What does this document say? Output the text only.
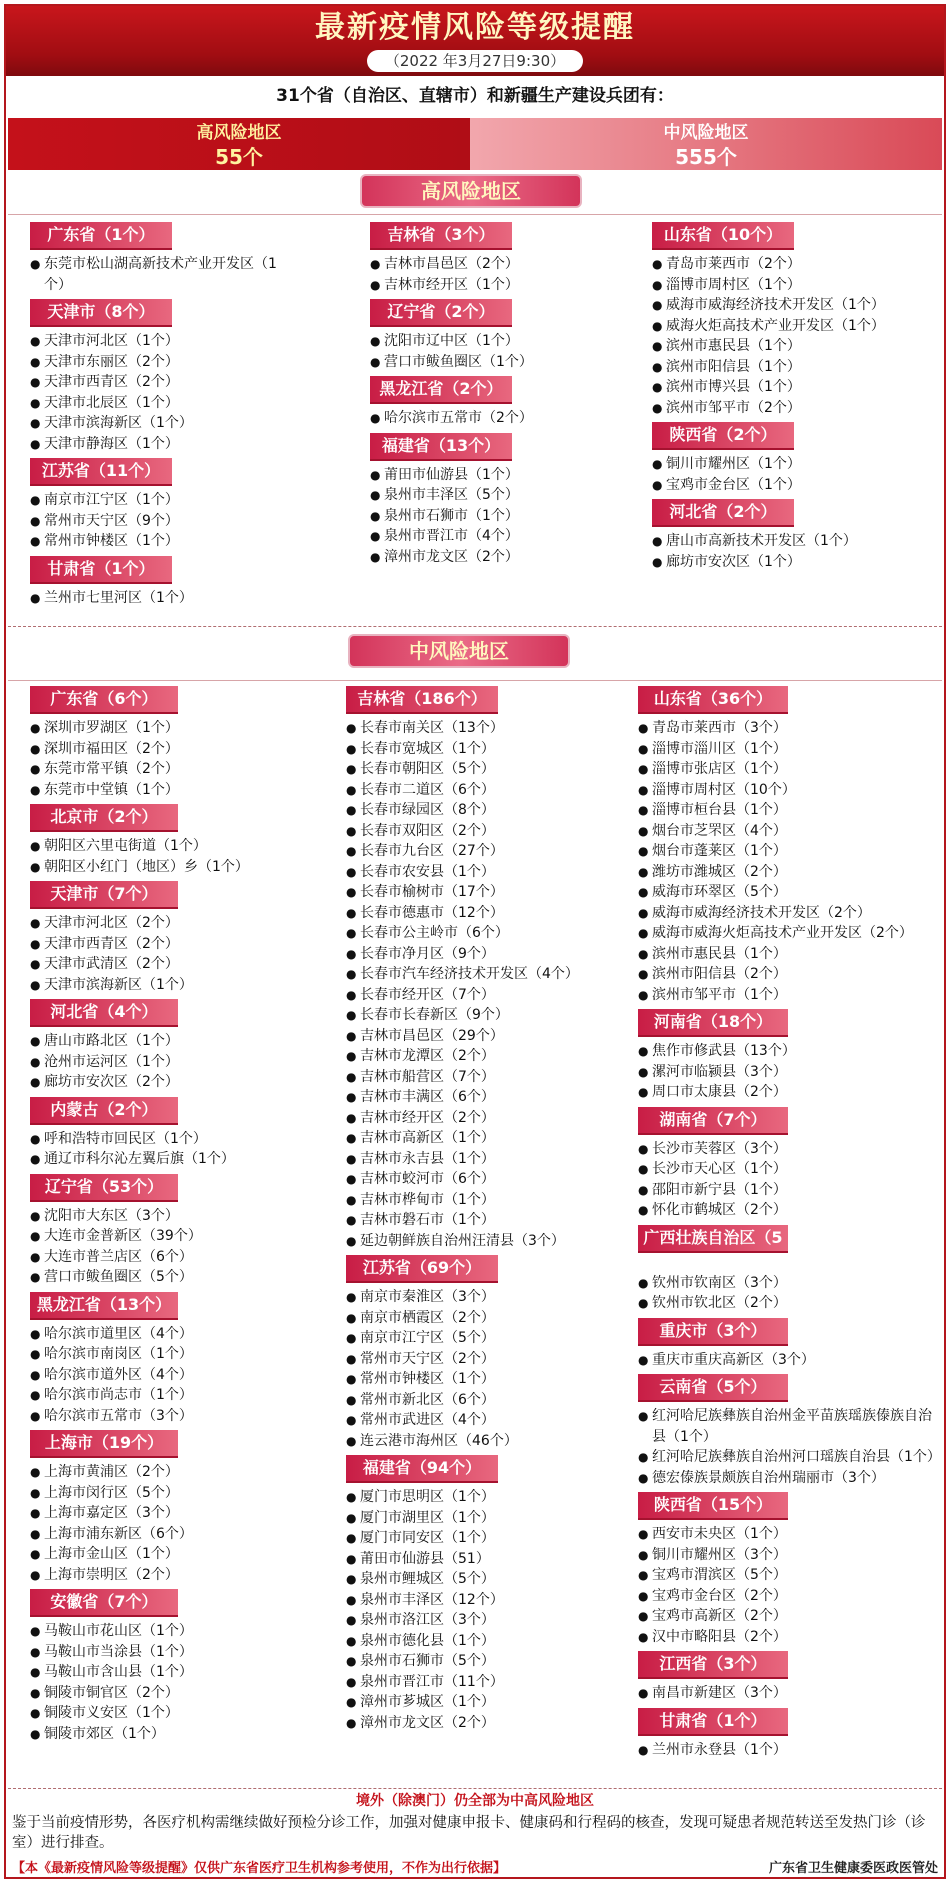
最新疫情风险等级提醒
（2022 年3月27日9:30）
31个省（自治区、直辖市）和新疆生产建设兵团有：
高风险地区
55个
中风险地区
555个
高风险地区
广东省（1个）
● 东莞市松山湖高新技术产业开发区（1个）
天津市（8个）
● 天津市河北区（1个）
● 天津市东丽区（2个）
● 天津市西青区（2个）
● 天津市北辰区（1个）
● 天津市滨海新区（1个）
● 天津市静海区（1个）
江苏省（11个）
● 南京市江宁区（1个）
● 常州市天宁区（9个）
● 常州市钟楼区（1个）
甘肃省（1个）
● 兰州市七里河区（1个）
吉林省（3个）
● 吉林市昌邑区（2个）
● 吉林市经开区（1个）
辽宁省（2个）
● 沈阳市辽中区（1个）
● 营口市鲅鱼圈区（1个）
黑龙江省（2个）
● 哈尔滨市五常市（2个）
福建省（13个）
● 莆田市仙游县（1个）
● 泉州市丰泽区（5个）
● 泉州市石狮市（1个）
● 泉州市晋江市（4个）
● 漳州市龙文区（2个）
山东省（10个）
● 青岛市莱西市（2个）
● 淄博市周村区（1个）
● 威海市威海经济技术开发区（1个）
● 威海火炬高技术产业开发区（1个）
● 滨州市惠民县（1个）
● 滨州市阳信县（1个）
● 滨州市博兴县（1个）
● 滨州市邹平市（2个）
陕西省（2个）
● 铜川市耀州区（1个）
● 宝鸡市金台区（1个）
河北省（2个）
● 唐山市高新技术开发区（1个）
● 廊坊市安次区（1个）
中风险地区
广东省（6个）
● 深圳市罗湖区（1个）
● 深圳市福田区（2个）
● 东莞市常平镇（2个）
● 东莞市中堂镇（1个）
北京市（2个）
● 朝阳区六里屯街道（1个）
● 朝阳区小红门（地区）乡（1个）
天津市（7个）
● 天津市河北区（2个）
● 天津市西青区（2个）
● 天津市武清区（2个）
● 天津市滨海新区（1个）
河北省（4个）
● 唐山市路北区（1个）
● 沧州市运河区（1个）
● 廊坊市安次区（2个）
内蒙古（2个）
● 呼和浩特市回民区（1个）
● 通辽市科尔沁左翼后旗（1个）
辽宁省（53个）
● 沈阳市大东区（3个）
● 大连市金普新区（39个）
● 大连市普兰店区（6个）
● 营口市鲅鱼圈区（5个）
黑龙江省（13个）
● 哈尔滨市道里区（4个）
● 哈尔滨市南岗区（1个）
● 哈尔滨市道外区（4个）
● 哈尔滨市尚志市（1个）
● 哈尔滨市五常市（3个）
上海市（19个）
● 上海市黄浦区（2个）
● 上海市闵行区（5个）
● 上海市嘉定区（3个）
● 上海市浦东新区（6个）
● 上海市金山区（1个）
● 上海市崇明区（2个）
安徽省（7个）
● 马鞍山市花山区（1个）
● 马鞍山市当涂县（1个）
● 马鞍山市含山县（1个）
● 铜陵市铜官区（2个）
● 铜陵市义安区（1个）
● 铜陵市郊区（1个）
吉林省（186个）
● 长春市南关区（13个）
● 长春市宽城区（1个）
● 长春市朝阳区（5个）
● 长春市二道区（6个）
● 长春市绿园区（8个）
● 长春市双阳区（2个）
● 长春市九台区（27个）
● 长春市农安县（1个）
● 长春市榆树市（17个）
● 长春市德惠市（12个）
● 长春市公主岭市（6个）
● 长春市净月区（9个）
● 长春市汽车经济技术开发区（4个）
● 长春市经开区（7个）
● 长春市长春新区（9个）
● 吉林市昌邑区（29个）
● 吉林市龙潭区（2个）
● 吉林市船营区（7个）
● 吉林市丰满区（6个）
● 吉林市经开区（2个）
● 吉林市高新区（1个）
● 吉林市永吉县（1个）
● 吉林市蛟河市（6个）
● 吉林市桦甸市（1个）
● 吉林市磐石市（1个）
● 延边朝鲜族自治州汪清县（3个）
江苏省（69个）
● 南京市秦淮区（3个）
● 南京市栖霞区（2个）
● 南京市江宁区（5个）
● 常州市天宁区（2个）
● 常州市钟楼区（1个）
● 常州市新北区（6个）
● 常州市武进区（4个）
● 连云港市海州区（46个）
福建省（94个）
● 厦门市思明区（1个）
● 厦门市湖里区（1个）
● 厦门市同安区（1个）
● 莆田市仙游县（51）
● 泉州市鲤城区（5个）
● 泉州市丰泽区（12个）
● 泉州市洛江区（3个）
● 泉州市德化县（1个）
● 泉州市石狮市（5个）
● 泉州市晋江市（11个）
● 漳州市芗城区（1个）
● 漳州市龙文区（2个）
山东省（36个）
● 青岛市莱西市（3个）
● 淄博市淄川区（1个）
● 淄博市张店区（1个）
● 淄博市周村区（10个）
● 淄博市桓台县（1个）
● 烟台市芝罘区（4个）
● 烟台市蓬莱区（1个）
● 潍坊市潍城区（2个）
● 威海市环翠区（5个）
● 威海市威海经济技术开发区（2个）
● 威海市威海火炬高技术产业开发区（2个）
● 滨州市惠民县（1个）
● 滨州市阳信县（2个）
● 滨州市邹平市（1个）
河南省（18个）
● 焦作市修武县（13个）
● 漯河市临颍县（3个）
● 周口市太康县（2个）
湖南省（7个）
● 长沙市芙蓉区（3个）
● 长沙市天心区（1个）
● 邵阳市新宁县（1个）
● 怀化市鹤城区（2个）
广西壮族自治区（5个）
● 钦州市钦南区（3个）
● 钦州市钦北区（2个）
重庆市（3个）
● 重庆市重庆高新区（3个）
云南省（5个）
● 红河哈尼族彝族自治州金平苗族瑶族傣族自治县（1个）
● 红河哈尼族彝族自治州河口瑶族自治县（1个）
● 德宏傣族景颇族自治州瑞丽市（3个）
陕西省（15个）
● 西安市未央区（1个）
● 铜川市耀州区（3个）
● 宝鸡市渭滨区（5个）
● 宝鸡市金台区（2个）
● 宝鸡市高新区（2个）
● 汉中市略阳县（2个）
江西省（3个）
● 南昌市新建区（3个）
甘肃省（1个）
● 兰州市永登县（1个）
境外（除澳门）仍全部为中高风险地区
鉴于当前疫情形势，各医疗机构需继续做好预检分诊工作，加强对健康申报卡、健康码和行程码的核查，发现可疑患者规范转送至发热门诊（诊室）进行排查。
【本《最新疫情风险等级提醒》仅供广东省医疗卫生机构参考使用，不作为出行依据】	广东省卫生健康委医政医管处
